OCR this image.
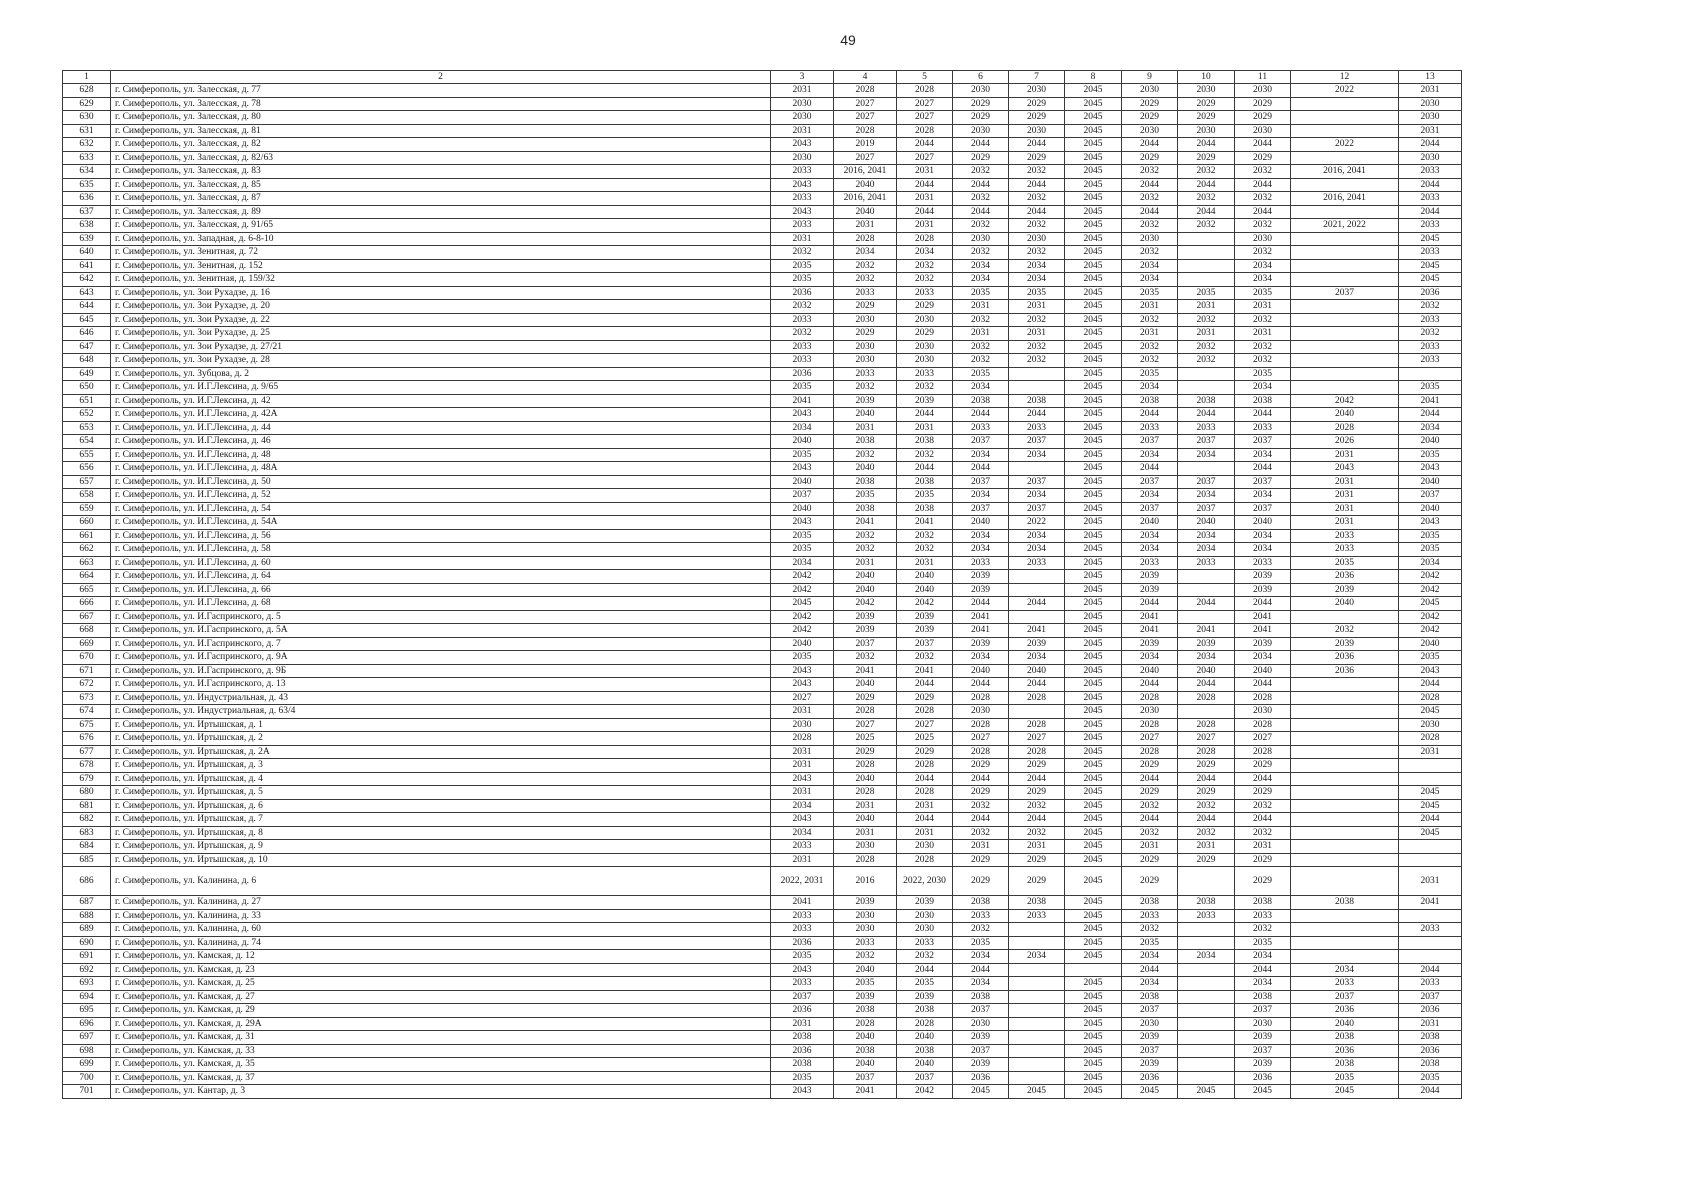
49
1	2	3	4	5	6	7	8	9	10	11	12	13
628	г. Симферополь, ул. Залесская, д. 77	2031	2028	2028	2030	2030	2045	2030	2030	2030	2022	2031
629	г. Симферополь, ул. Залесская, д. 78	2030	2027	2027	2029	2029	2045	2029	2029	2029		2030
630	г. Симферополь, ул. Залесская, д. 80	2030	2027	2027	2029	2029	2045	2029	2029	2029		2030
631	г. Симферополь, ул. Залесская, д. 81	2031	2028	2028	2030	2030	2045	2030	2030	2030		2031
632	г. Симферополь, ул. Залесская, д. 82	2043	2019	2044	2044	2044	2045	2044	2044	2044	2022	2044
633	г. Симферополь, ул. Залесская, д. 82/63	2030	2027	2027	2029	2029	2045	2029	2029	2029		2030
634	г. Симферополь, ул. Залесская, д. 83	2033	2016, 2041	2031	2032	2032	2045	2032	2032	2032	2016, 2041	2033
635	г. Симферополь, ул. Залесская, д. 85	2043	2040	2044	2044	2044	2045	2044	2044	2044		2044
636	г. Симферополь, ул. Залесская, д. 87	2033	2016, 2041	2031	2032	2032	2045	2032	2032	2032	2016, 2041	2033
637	г. Симферополь, ул. Залесская, д. 89	2043	2040	2044	2044	2044	2045	2044	2044	2044		2044
638	г. Симферополь, ул. Залесская, д. 91/65	2033	2031	2031	2032	2032	2045	2032	2032	2032	2021, 2022	2033
639	г. Симферополь, ул. Западная, д. 6-8-10	2031	2028	2028	2030	2030	2045	2030		2030		2045
640	г. Симферополь, ул. Зенитная, д. 72	2032	2034	2034	2032	2032	2045	2032		2032		2033
641	г. Симферополь, ул. Зенитная, д. 152	2035	2032	2032	2034	2034	2045	2034		2034		2045
642	г. Симферополь, ул. Зенитная, д. 159/32	2035	2032	2032	2034	2034	2045	2034		2034		2045
643	г. Симферополь, ул. Зои Рухадзе, д. 16	2036	2033	2033	2035	2035	2045	2035	2035	2035	2037	2036
644	г. Симферополь, ул. Зои Рухадзе, д. 20	2032	2029	2029	2031	2031	2045	2031	2031	2031		2032
645	г. Симферополь, ул. Зои Рухадзе, д. 22	2033	2030	2030	2032	2032	2045	2032	2032	2032		2033
646	г. Симферополь, ул. Зои Рухадзе, д. 25	2032	2029	2029	2031	2031	2045	2031	2031	2031		2032
647	г. Симферополь, ул. Зои Рухадзе, д. 27/21	2033	2030	2030	2032	2032	2045	2032	2032	2032		2033
648	г. Симферополь, ул. Зои Рухадзе, д. 28	2033	2030	2030	2032	2032	2045	2032	2032	2032		2033
649	г. Симферополь, ул. Зубцова, д. 2	2036	2033	2033	2035		2045	2035		2035		
650	г. Симферополь, ул. И.Г.Лексина, д. 9/65	2035	2032	2032	2034		2045	2034		2034		2035
651	г. Симферополь, ул. И.Г.Лексина, д. 42	2041	2039	2039	2038	2038	2045	2038	2038	2038	2042	2041
652	г. Симферополь, ул. И.Г.Лексина, д. 42А	2043	2040	2044	2044	2044	2045	2044	2044	2044	2040	2044
653	г. Симферополь, ул. И.Г.Лексина, д. 44	2034	2031	2031	2033	2033	2045	2033	2033	2033	2028	2034
654	г. Симферополь, ул. И.Г.Лексина, д. 46	2040	2038	2038	2037	2037	2045	2037	2037	2037	2026	2040
655	г. Симферополь, ул. И.Г.Лексина, д. 48	2035	2032	2032	2034	2034	2045	2034	2034	2034	2031	2035
656	г. Симферополь, ул. И.Г.Лексина, д. 48А	2043	2040	2044	2044		2045	2044		2044	2043	2043
657	г. Симферополь, ул. И.Г.Лексина, д. 50	2040	2038	2038	2037	2037	2045	2037	2037	2037	2031	2040
658	г. Симферополь, ул. И.Г.Лексина, д. 52	2037	2035	2035	2034	2034	2045	2034	2034	2034	2031	2037
659	г. Симферополь, ул. И.Г.Лексина, д. 54	2040	2038	2038	2037	2037	2045	2037	2037	2037	2031	2040
660	г. Симферополь, ул. И.Г.Лексина, д. 54А	2043	2041	2041	2040	2022	2045	2040	2040	2040	2031	2043
661	г. Симферополь, ул. И.Г.Лексина, д. 56	2035	2032	2032	2034	2034	2045	2034	2034	2034	2033	2035
662	г. Симферополь, ул. И.Г.Лексина, д. 58	2035	2032	2032	2034	2034	2045	2034	2034	2034	2033	2035
663	г. Симферополь, ул. И.Г.Лексина, д. 60	2034	2031	2031	2033	2033	2045	2033	2033	2033	2035	2034
664	г. Симферополь, ул. И.Г.Лексина, д. 64	2042	2040	2040	2039		2045	2039		2039	2036	2042
665	г. Симферополь, ул. И.Г.Лексина, д. 66	2042	2040	2040	2039		2045	2039		2039	2039	2042
666	г. Симферополь, ул. И.Г.Лексина, д. 68	2045	2042	2042	2044	2044	2045	2044	2044	2044	2040	2045
667	г. Симферополь, ул. И.Гаспринского, д. 5	2042	2039	2039	2041		2045	2041		2041		2042
668	г. Симферополь, ул. И.Гаспринского, д. 5А	2042	2039	2039	2041	2041	2045	2041	2041	2041	2032	2042
669	г. Симферополь, ул. И.Гаспринского, д. 7	2040	2037	2037	2039	2039	2045	2039	2039	2039	2039	2040
670	г. Симферополь, ул. И.Гаспринского, д. 9А	2035	2032	2032	2034	2034	2045	2034	2034	2034	2036	2035
671	г. Симферополь, ул. И.Гаспринского, д. 9Б	2043	2041	2041	2040	2040	2045	2040	2040	2040	2036	2043
672	г. Симферополь, ул. И.Гаспринского, д. 13	2043	2040	2044	2044	2044	2045	2044	2044	2044		2044
673	г. Симферополь, ул. Индустриальная, д. 43	2027	2029	2029	2028	2028	2045	2028	2028	2028		2028
674	г. Симферополь, ул. Индустриальная, д. 63/4	2031	2028	2028	2030		2045	2030		2030		2045
675	г. Симферополь, ул. Иртышская, д. 1	2030	2027	2027	2028	2028	2045	2028	2028	2028		2030
676	г. Симферополь, ул. Иртышская, д. 2	2028	2025	2025	2027	2027	2045	2027	2027	2027		2028
677	г. Симферополь, ул. Иртышская, д. 2А	2031	2029	2029	2028	2028	2045	2028	2028	2028		2031
678	г. Симферополь, ул. Иртышская, д. 3	2031	2028	2028	2029	2029	2045	2029	2029	2029		
679	г. Симферополь, ул. Иртышская, д. 4	2043	2040	2044	2044	2044	2045	2044	2044	2044		
680	г. Симферополь, ул. Иртышская, д. 5	2031	2028	2028	2029	2029	2045	2029	2029	2029		2045
681	г. Симферополь, ул. Иртышская, д. 6	2034	2031	2031	2032	2032	2045	2032	2032	2032		2045
682	г. Симферополь, ул. Иртышская, д. 7	2043	2040	2044	2044	2044	2045	2044	2044	2044		2044
683	г. Симферополь, ул. Иртышская, д. 8	2034	2031	2031	2032	2032	2045	2032	2032	2032		2045
684	г. Симферополь, ул. Иртышская, д. 9	2033	2030	2030	2031	2031	2045	2031	2031	2031		
685	г. Симферополь, ул. Иртышская, д. 10	2031	2028	2028	2029	2029	2045	2029	2029	2029		
686	г. Симферополь, ул. Калинина, д. 6	2022, 2031	2016	2022, 2030	2029	2029	2045	2029		2029		2031
687	г. Симферополь, ул. Калинина, д. 27	2041	2039	2039	2038	2038	2045	2038	2038	2038	2038	2041
688	г. Симферополь, ул. Калинина, д. 33	2033	2030	2030	2033	2033	2045	2033	2033	2033		
689	г. Симферополь, ул. Калинина, д. 60	2033	2030	2030	2032		2045	2032		2032		2033
690	г. Симферополь, ул. Калинина, д. 74	2036	2033	2033	2035		2045	2035		2035		
691	г. Симферополь, ул. Камская, д. 12	2035	2032	2032	2034	2034	2045	2034	2034	2034		
692	г. Симферополь, ул. Камская, д. 23	2043	2040	2044	2044			2044		2044	2034	2044
693	г. Симферополь, ул. Камская, д. 25	2033	2035	2035	2034		2045	2034		2034	2033	2033
694	г. Симферополь, ул. Камская, д. 27	2037	2039	2039	2038		2045	2038		2038	2037	2037
695	г. Симферополь, ул. Камская, д. 29	2036	2038	2038	2037		2045	2037		2037	2036	2036
696	г. Симферополь, ул. Камская, д. 29А	2031	2028	2028	2030		2045	2030		2030	2040	2031
697	г. Симферополь, ул. Камская, д. 31	2038	2040	2040	2039		2045	2039		2039	2038	2038
698	г. Симферополь, ул. Камская, д. 33	2036	2038	2038	2037		2045	2037		2037	2036	2036
699	г. Симферополь, ул. Камская, д. 35	2038	2040	2040	2039		2045	2039		2039	2038	2038
700	г. Симферополь, ул. Камская, д. 37	2035	2037	2037	2036		2045	2036		2036	2035	2035
701	г. Симферополь, ул. Кантар, д. 3	2043	2041	2042	2045	2045	2045	2045	2045	2045	2045	2044
